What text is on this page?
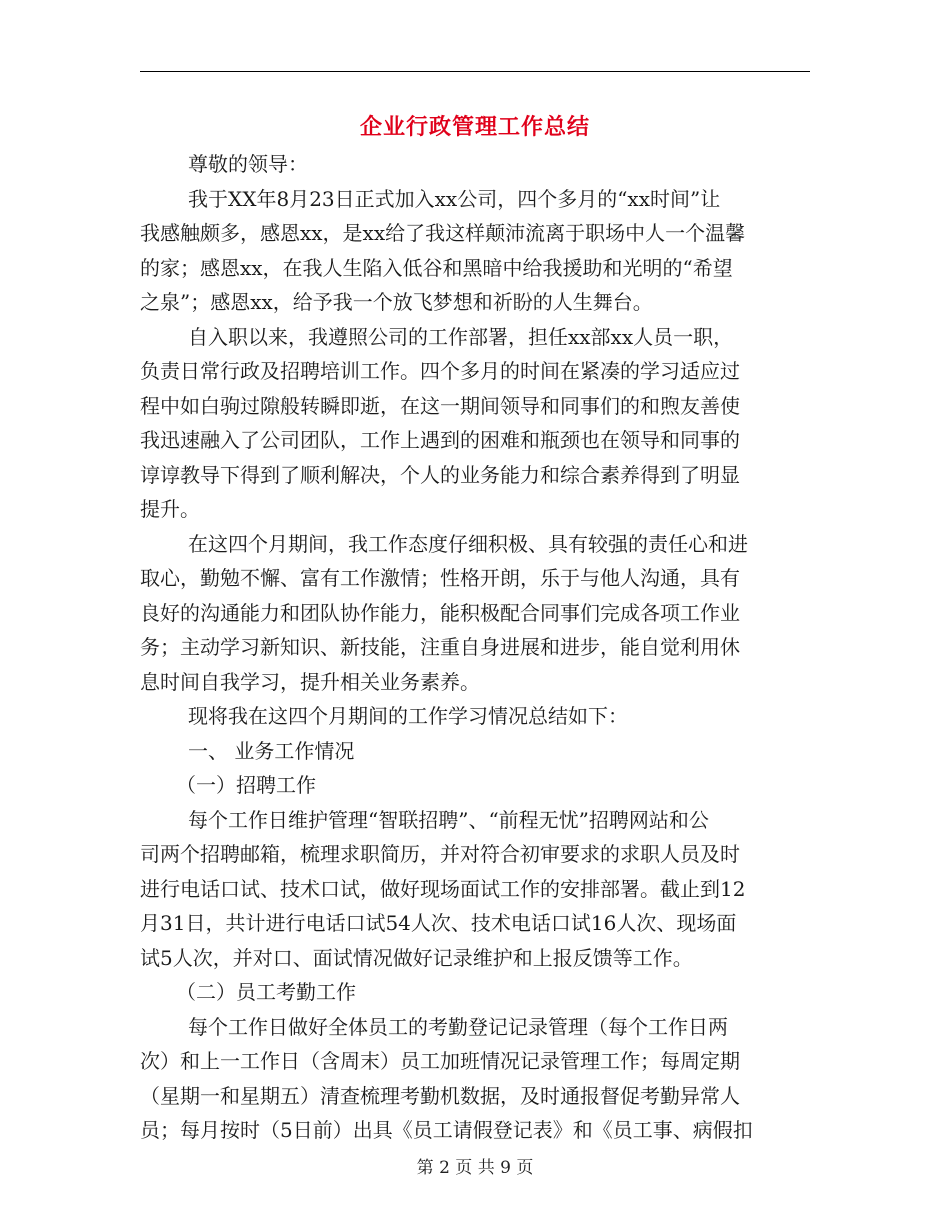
企业行政管理工作总结
尊敬的领导：
我于XX年8月23日正式加入xx公司，四个多月的“xx时间”让
我感触颇多，感恩xx，是xx给了我这样颠沛流离于职场中人一个温馨
的家；感恩xx，在我人生陷入低谷和黑暗中给我援助和光明的“希望
之泉”；感恩xx，给予我一个放飞梦想和祈盼的人生舞台。
自入职以来，我遵照公司的工作部署，担任xx部xx人员一职，
负责日常行政及招聘培训工作。四个多月的时间在紧凑的学习适应过
程中如白驹过隙般转瞬即逝，在这一期间领导和同事们的和煦友善使
我迅速融入了公司团队，工作上遇到的困难和瓶颈也在领导和同事的
谆谆教导下得到了顺利解决，个人的业务能力和综合素养得到了明显
提升。
在这四个月期间，我工作态度仔细积极、具有较强的责任心和进
取心，勤勉不懈、富有工作激情；性格开朗，乐于与他人沟通，具有
良好的沟通能力和团队协作能力，能积极配合同事们完成各项工作业
务；主动学习新知识、新技能，注重自身进展和进步，能自觉利用休
息时间自我学习，提升相关业务素养。
现将我在这四个月期间的工作学习情况总结如下：
一、 业务工作情况
（一）招聘工作
每个工作日维护管理“智联招聘”、“前程无忧”招聘网站和公
司两个招聘邮箱，梳理求职简历，并对符合初审要求的求职人员及时
进行电话口试、技术口试，做好现场面试工作的安排部署。截止到12
月31日，共计进行电话口试54人次、技术电话口试16人次、现场面
试5人次，并对口、面试情况做好记录维护和上报反馈等工作。
（二）员工考勤工作
每个工作日做好全体员工的考勤登记记录管理（每个工作日两
次）和上一工作日（含周末）员工加班情况记录管理工作；每周定期
（星期一和星期五）清查梳理考勤机数据，及时通报督促考勤异常人
员；每月按时（5日前）出具《员工请假登记表》和《员工事、病假扣
第 2 页 共 9 页
